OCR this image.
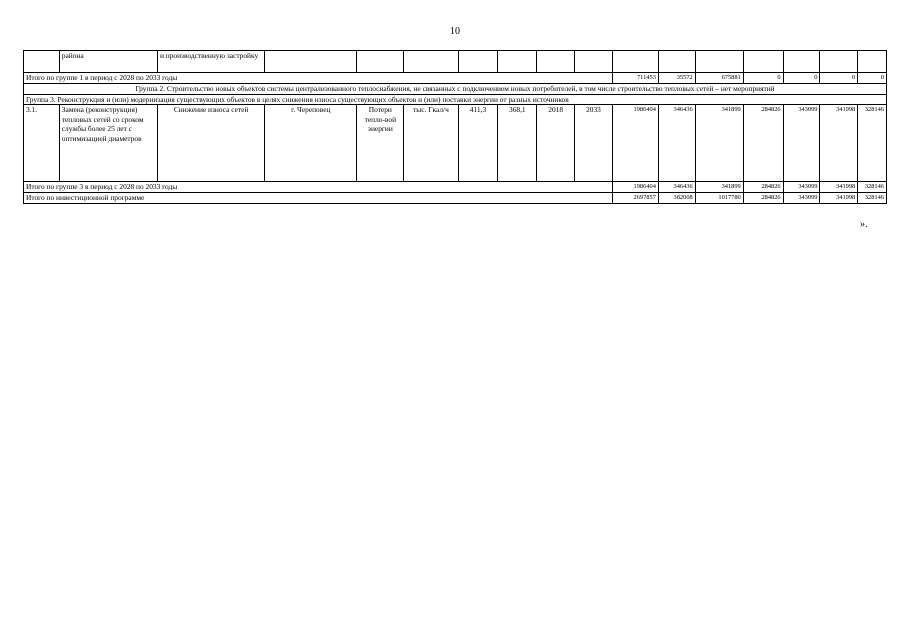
10
	района	и производственную застройку														
Итого по группе 1 в период с 2028 по 2033 годы										711453	35572	675881	0	0	0	0
Группа 2. Строительство новых объектов системы централизованного теплоснабжения, не связанных с подключением новых потребителей, в том числе строительство тепловых сетей – нет мероприятий																
Группа 3. Реконструкция и (или) модернизация существующих объектов в целях снижения износа существующих объектов и (или) поставки энергии от разных источников																
3.1.	Замена (реконструкция) тепловых сетей со сроком службы более 25 лет с оптимизацией диаметров	Снижение износа сетей	г. Череповец	Потери тепло-вой энергии	тыс. Гкал/ч	411,3	368,1	2018	2033	1986404	346436	341899	284826	343099	341998	328146
Итого по группе 3 в период с 2028 по 2033 годы										1986404	346436	341899	284826	343099	341998	328146
Итого по инвестиционной программе										2697857	382008	1017780	284826	343099	341998	328146
».
